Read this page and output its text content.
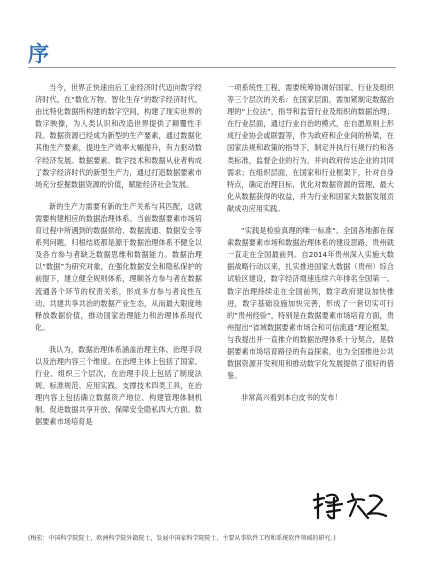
序

当今，世界正快速由后工业经济时代迈向数字经济时代。在“数化万物、智化生存”的数字经济时代，由比特化数据所构建的数字空间，构建了现实世界的数字映像，为人类认识和改造世界提供了颠覆性手段。数据资源已经成为新型的生产要素，通过数据化其他生产要素，提进生产效率大幅提升，有力驱动数字经济发展。数据要素、数字技术和数据从业者构成了数字经济时代的新型生产力，通过打造数据要素市场充分挖掘数据资源的价值，赋能经济社会发展。

新的生产力需要有新的生产关系与其匹配，这就需要构建相应的数据治理体系。当前数据要素市场培育过程中所遇到的数据供给、数据流通、数据安全等系列问题，归根结底都是源于数据治理体系不健全以及各方参与者缺乏数据思维和数据能力。数据治理以“数据”为研究对象，在强化数据安全和隐私保护的前提下，建立健全规则体系，理顺各方参与者在数据流通各个环节的权责关系，形成多方参与者良性互动、共建共享共治的数据产业生态，从而最大限度地释放数据价值，推动国家治理能力和治理体系现代化。

我认为，数据治理体系涵盖治理主体、治理手段以及治理内容三个维度。在治理主体上包括了国家、行业、组织三个层次，在治理手段上包括了制度法规、标准规范、应用实践、支撑技术四类工具，在治理内容上包括确立数据资产地位、构建管理体制机制、促进数据共享开放、保障安全隐私四大方面。数据要素市场培育是

一项系统性工程，需要统筹协调好国家、行业及组织等三个层次的关系：在国家层面，需加紧制定数据治理的“上位法”，指导和监管行业及组织的数据治理；在行业层面，通过行业自治的模式，在自愿原则上形成行业协会或联盟等，作为政府和企业间的桥梁，在国家法规和政策的指导下，制定并执行行规行约和各类标准，监督企业的行为，并向政府传达企业的共同需求；在组织层面，在国家和行业框架下，针对自身特点，确定治理目标，优化对数据资源的管理，最大化从数据获得的收益，并为行业和国家大数据发展贡献成功应用实践。

“实践是检验真理的唯一标准”。全国各地都在探索数据要素市场和数据治理体系的建设思路，贵州就一直走在全国最前列。自2014年贵州深入实施大数据战略行动以来，扎实推进国家大数据（贵州）综合试验区建设，数字经济增速连续六年排名全国第一。数字治理持续走在全国前列，数字政府建设加快推进，数字基础设施加快完善，形成了一套切实可行的“贵州经验”，特别是在数据要素市场培育方面，贵州提出“省域数据要素市场合和可信流通”理论框架，与我提出并一直推介的数据治理体系十分契合，是数据要素市场培育路径的有益探索，也为全国推进公共数据资源开发利用和推动数字化发展提供了很好的借鉴。

非常高兴看到本白皮书的发布！

(梅宏：中国科学院院士，欧洲科学院外籍院士，发展中国家科学院院士，主要从事软件工程和系统软件领域的研究。)
